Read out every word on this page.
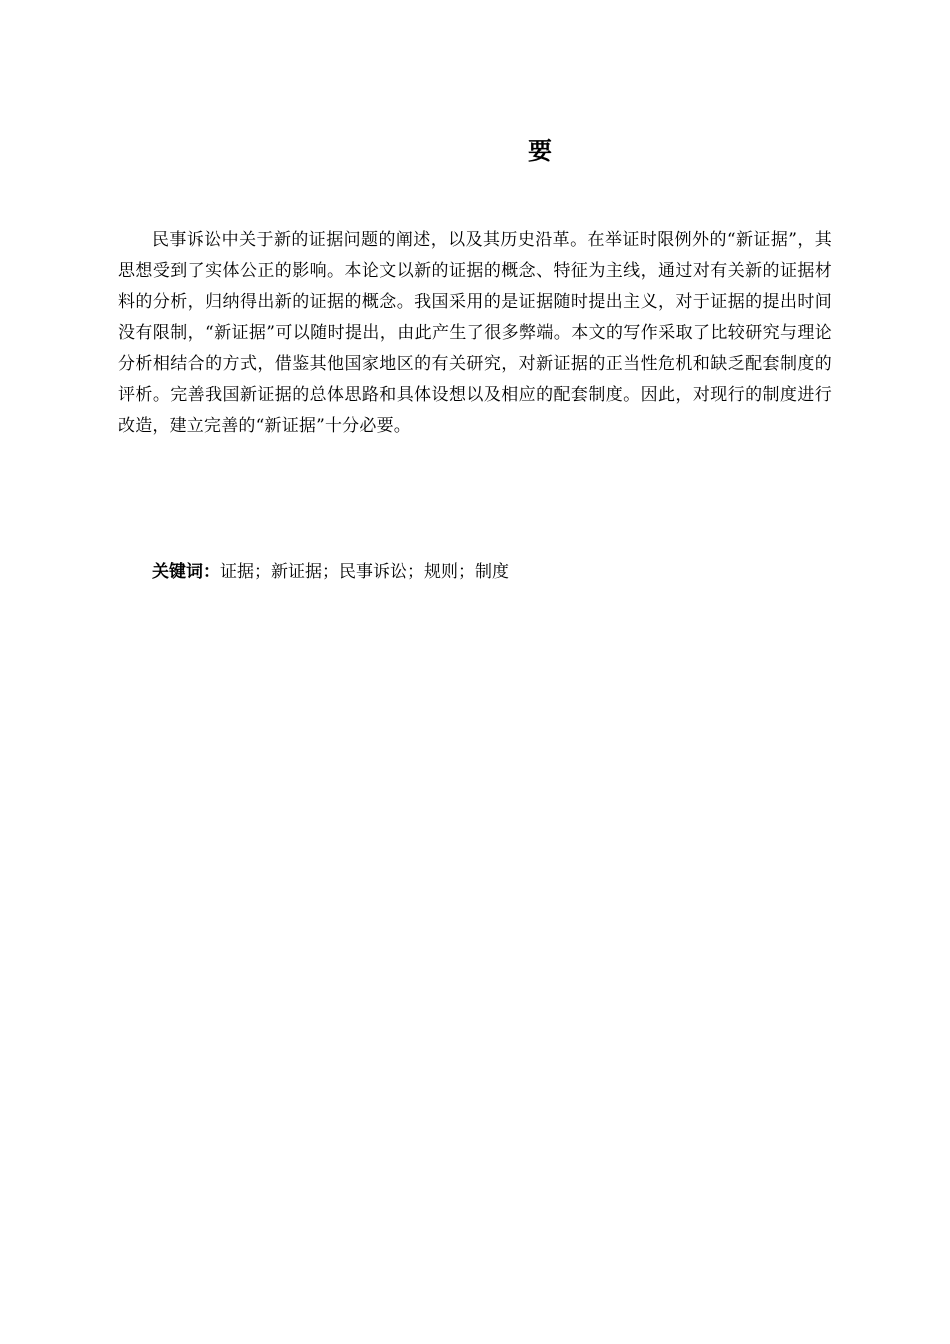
要

民事诉讼中关于新的证据问题的阐述，以及其历史沿革。在举证时限例外的“新证据”，其思想受到了实体公正的影响。本论文以新的证据的概念、特征为主线，通过对有关新的证据材料的分析，归纳得出新的证据的概念。我国采用的是证据随时提出主义，对于证据的提出时间没有限制，“新证据”可以随时提出，由此产生了很多弊端。本文的写作采取了比较研究与理论分析相结合的方式，借鉴其他国家地区的有关研究，对新证据的正当性危机和缺乏配套制度的评析。完善我国新证据的总体思路和具体设想以及相应的配套制度。因此，对现行的制度进行改造，建立完善的“新证据”十分必要。

关键词：证据；新证据；民事诉讼；规则；制度
